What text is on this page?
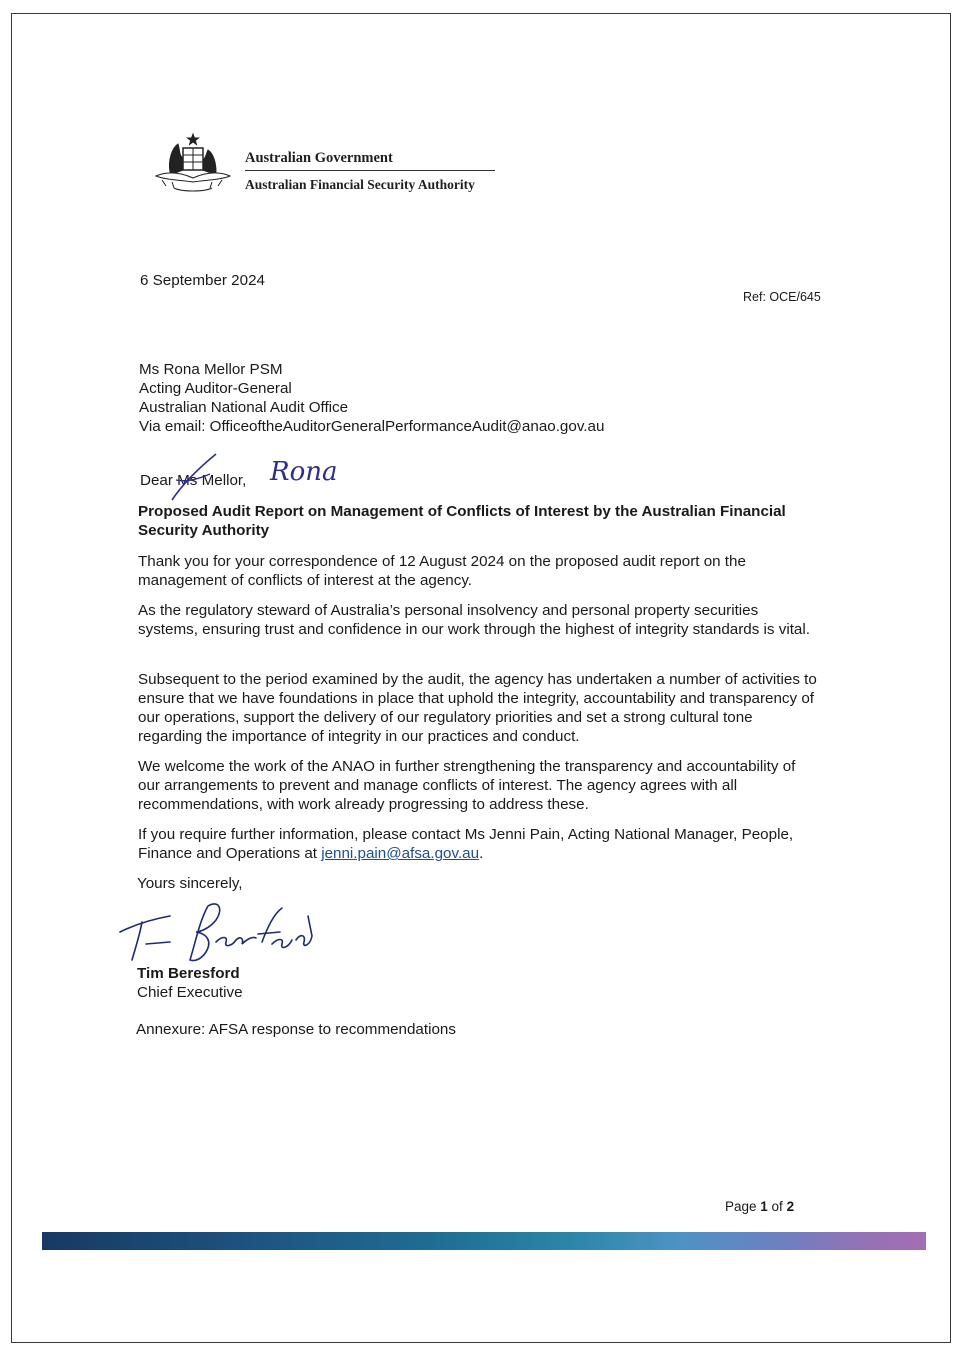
Australian Government
Australian Financial Security Authority
6 September 2024
Ref: OCE/645
Ms Rona Mellor PSM
Acting Auditor-General
Australian National Audit Office
Via email: OfficeoftheAuditorGeneralPerformanceAudit@anao.gov.au
Dear Ms Mellor, Rona
Proposed Audit Report on Management of Conflicts of Interest by the Australian Financial Security Authority
Thank you for your correspondence of 12 August 2024 on the proposed audit report on the management of conflicts of interest at the agency.
As the regulatory steward of Australia’s personal insolvency and personal property securities systems, ensuring trust and confidence in our work through the highest of integrity standards is vital.
Subsequent to the period examined by the audit, the agency has undertaken a number of activities to ensure that we have foundations in place that uphold the integrity, accountability and transparency of our operations, support the delivery of our regulatory priorities and set a strong cultural tone regarding the importance of integrity in our practices and conduct.
We welcome the work of the ANAO in further strengthening the transparency and accountability of our arrangements to prevent and manage conflicts of interest. The agency agrees with all recommendations, with work already progressing to address these.
If you require further information, please contact Ms Jenni Pain, Acting National Manager, People, Finance and Operations at jenni.pain@afsa.gov.au.
Yours sincerely,
Tim Beresford
Chief Executive
Annexure: AFSA response to recommendations
Page 1 of 2
